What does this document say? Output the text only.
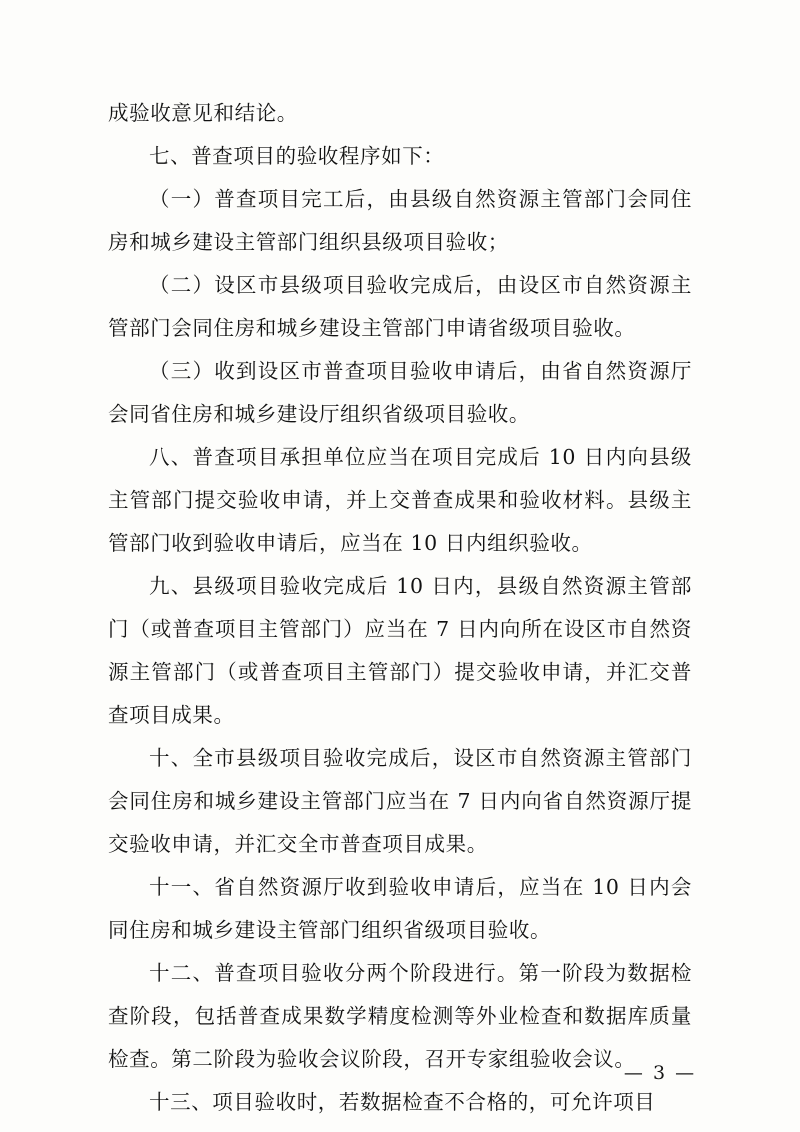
成验收意见和结论。

七、普查项目的验收程序如下：

（一）普查项目完工后，由县级自然资源主管部门会同住房和城乡建设主管部门组织县级项目验收；

（二）设区市县级项目验收完成后，由设区市自然资源主管部门会同住房和城乡建设主管部门申请省级项目验收。

（三）收到设区市普查项目验收申请后，由省自然资源厅会同省住房和城乡建设厅组织省级项目验收。

八、普查项目承担单位应当在项目完成后 10 日内向县级主管部门提交验收申请，并上交普查成果和验收材料。县级主管部门收到验收申请后，应当在 10 日内组织验收。

九、县级项目验收完成后 10 日内，县级自然资源主管部门（或普查项目主管部门）应当在 7 日内向所在设区市自然资源主管部门（或普查项目主管部门）提交验收申请，并汇交普查项目成果。

十、全市县级项目验收完成后，设区市自然资源主管部门会同住房和城乡建设主管部门应当在 7 日内向省自然资源厅提交验收申请，并汇交全市普查项目成果。

十一、省自然资源厅收到验收申请后，应当在 10 日内会同住房和城乡建设主管部门组织省级项目验收。

十二、普查项目验收分两个阶段进行。第一阶段为数据检查阶段，包括普查成果数学精度检测等外业检查和数据库质量检查。第二阶段为验收会议阶段，召开专家组验收会议。

十三、项目验收时，若数据检查不合格的，可允许项目

— 3 —
